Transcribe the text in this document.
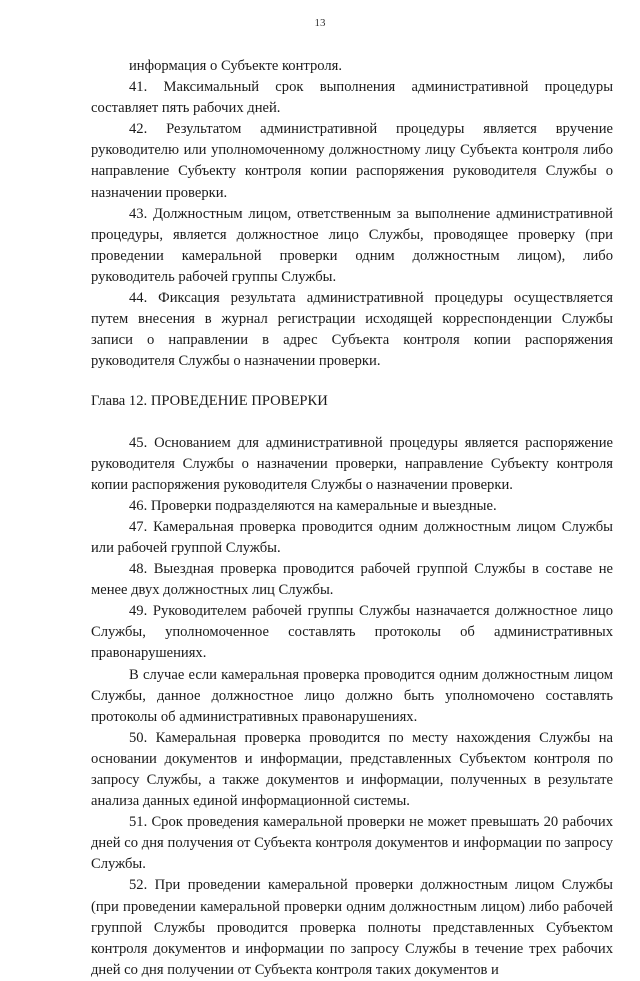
13

информация о Субъекте контроля.

41. Максимальный срок выполнения административной процедуры составляет пять рабочих дней.

42. Результатом административной процедуры является вручение руководителю или уполномоченному должностному лицу Субъекта контроля либо направление Субъекту контроля копии распоряжения руководителя Службы о назначении проверки.

43. Должностным лицом, ответственным за выполнение административной процедуры, является должностное лицо Службы, проводящее проверку (при проведении камеральной проверки одним должностным лицом), либо руководитель рабочей группы Службы.

44. Фиксация результата административной процедуры осуществляется путем внесения в журнал регистрации исходящей корреспонденции Службы записи о направлении в адрес Субъекта контроля копии распоряжения руководителя Службы о назначении проверки.

Глава 12. ПРОВЕДЕНИЕ ПРОВЕРКИ

45. Основанием для административной процедуры является распоряжение руководителя Службы о назначении проверки, направление Субъекту контроля копии распоряжения руководителя Службы о назначении проверки.

46. Проверки подразделяются на камеральные и выездные.

47. Камеральная проверка проводится одним должностным лицом Службы или рабочей группой Службы.

48. Выездная проверка проводится рабочей группой Службы в составе не менее двух должностных лиц Службы.

49. Руководителем рабочей группы Службы назначается должностное лицо Службы, уполномоченное составлять протоколы об административных правонарушениях.

В случае если камеральная проверка проводится одним должностным лицом Службы, данное должностное лицо должно быть уполномочено составлять протоколы об административных правонарушениях.

50. Камеральная проверка проводится по месту нахождения Службы на основании документов и информации, представленных Субъектом контроля по запросу Службы, а также документов и информации, полученных в результате анализа данных единой информационной системы.

51. Срок проведения камеральной проверки не может превышать 20 рабочих дней со дня получения от Субъекта контроля документов и информации по запросу Службы.

52. При проведении камеральной проверки должностным лицом Службы (при проведении камеральной проверки одним должностным лицом) либо рабочей группой Службы проводится проверка полноты представленных Субъектом контроля документов и информации по запросу Службы в течение трех рабочих дней со дня получении от Субъекта контроля таких документов и
